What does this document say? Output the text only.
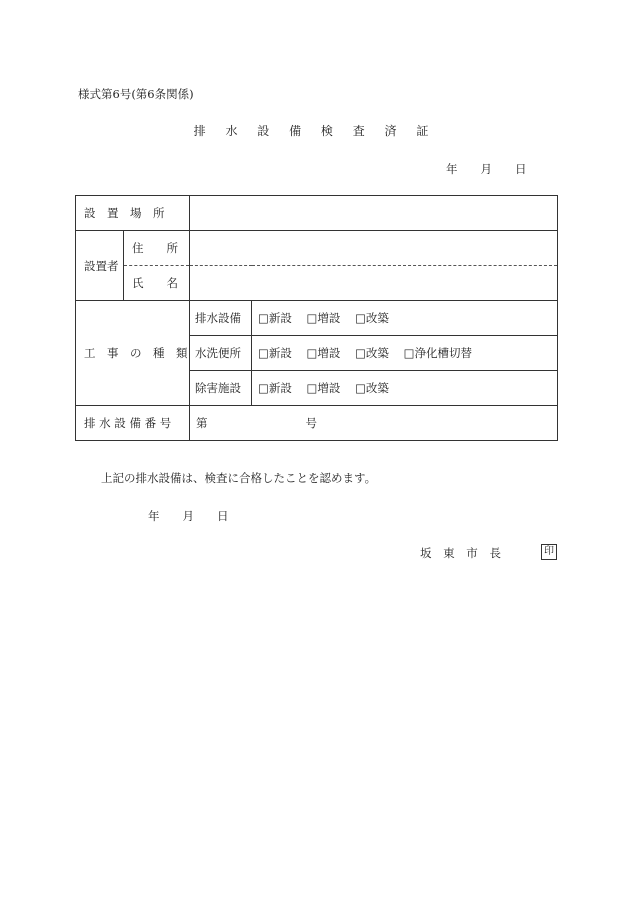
様式第6号(第6条関係)
排 水 設 備 検 査 済 証
年　　月　　日
設　置　場　所			
設置者	住　　所		
	氏　　名		
工　事　の　種　類		排水設備	□新設 □増設 □改築
		水洗便所	□新設 □増設 □改築 □浄化槽切替
		除害施設	□新設 □増設 □改築
排 水 設 備 番 号		第 号	
上記の排水設備は、検査に合格したことを認めます。
年　　月　　日
坂 東 市 長	印
